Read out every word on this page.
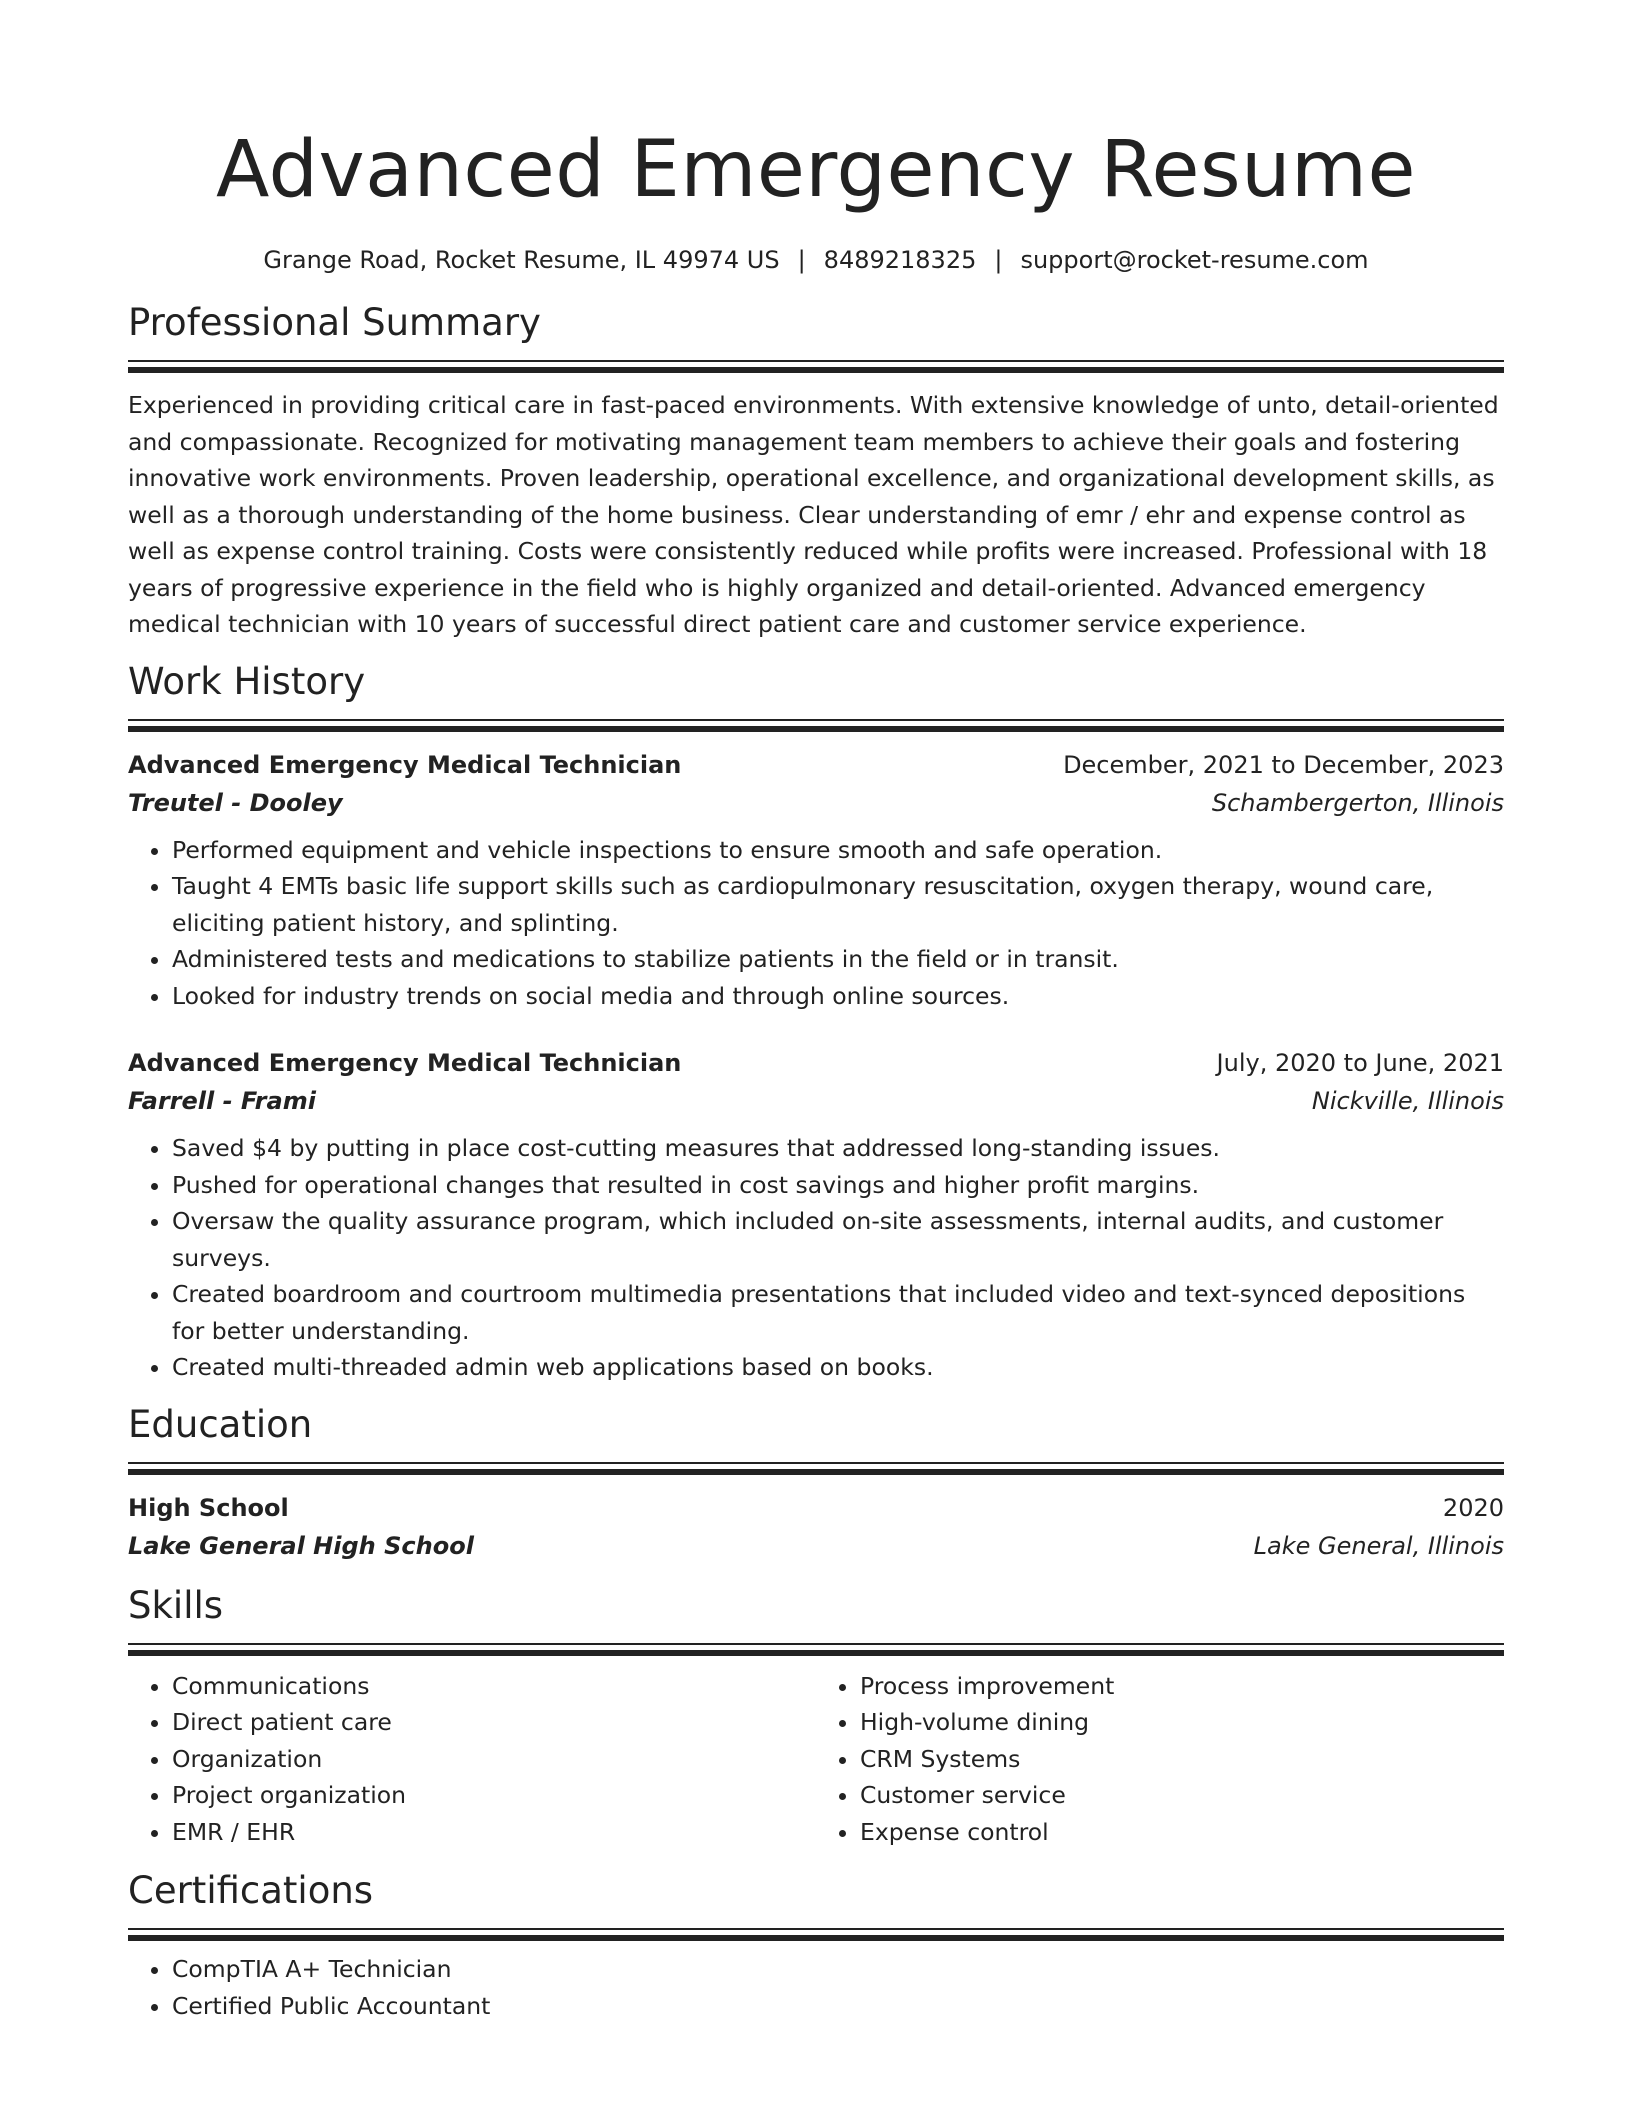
Advanced Emergency Resume
Grange Road, Rocket Resume, IL 49974 US | 8489218325 | support@rocket-resume.com
Professional Summary
Experienced in providing critical care in fast-paced environments. With extensive knowledge of unto, detail-oriented and compassionate. Recognized for motivating management team members to achieve their goals and fostering innovative work environments. Proven leadership, operational excellence, and organizational development skills, as well as a thorough understanding of the home business. Clear understanding of emr / ehr and expense control as well as expense control training. Costs were consistently reduced while profits were increased. Professional with 18 years of progressive experience in the field who is highly organized and detail-oriented. Advanced emergency medical technician with 10 years of successful direct patient care and customer service experience.
Work History
Advanced Emergency Medical Technician	December, 2021 to December, 2023
Treutel - Dooley	Schambergerton, Illinois
• Performed equipment and vehicle inspections to ensure smooth and safe operation.
• Taught 4 EMTs basic life support skills such as cardiopulmonary resuscitation, oxygen therapy, wound care, eliciting patient history, and splinting.
• Administered tests and medications to stabilize patients in the field or in transit.
• Looked for industry trends on social media and through online sources.
Advanced Emergency Medical Technician	July, 2020 to June, 2021
Farrell - Frami	Nickville, Illinois
• Saved $4 by putting in place cost-cutting measures that addressed long-standing issues.
• Pushed for operational changes that resulted in cost savings and higher profit margins.
• Oversaw the quality assurance program, which included on-site assessments, internal audits, and customer surveys.
• Created boardroom and courtroom multimedia presentations that included video and text-synced depositions for better understanding.
• Created multi-threaded admin web applications based on books.
Education
High School	2020
Lake General High School	Lake General, Illinois
Skills
• Communications
• Direct patient care
• Organization
• Project organization
• EMR / EHR
• Process improvement
• High-volume dining
• CRM Systems
• Customer service
• Expense control
Certifications
• CompTIA A+ Technician
• Certified Public Accountant
